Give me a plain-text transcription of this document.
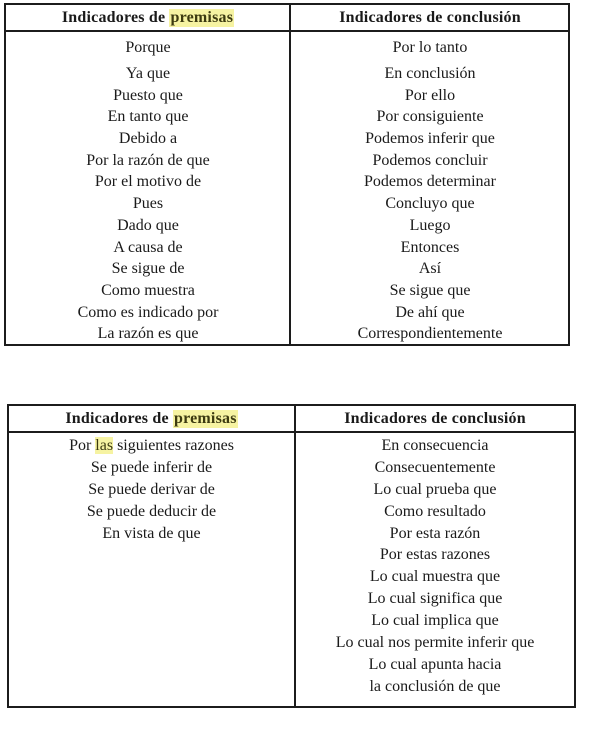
Indicadores de premisas	Indicadores de conclusión
Porque
Ya que
Puesto que
En tanto que
Debido a
Por la razón de que
Por el motivo de
Pues
Dado que
A causa de
Se sigue de
Como muestra
Como es indicado por
La razón es que
Por lo tanto
En conclusión
Por ello
Por consiguiente
Podemos inferir que
Podemos concluir
Podemos determinar
Concluyo que
Luego
Entonces
Así
Se sigue que
De ahí que
Correspondientemente
Indicadores de premisas	Indicadores de conclusión
Por las siguientes razones
Se puede inferir de
Se puede derivar de
Se puede deducir de
En vista de que
En consecuencia
Consecuentemente
Lo cual prueba que
Como resultado
Por esta razón
Por estas razones
Lo cual muestra que
Lo cual significa que
Lo cual implica que
Lo cual nos permite inferir que
Lo cual apunta hacia
la conclusión de que
